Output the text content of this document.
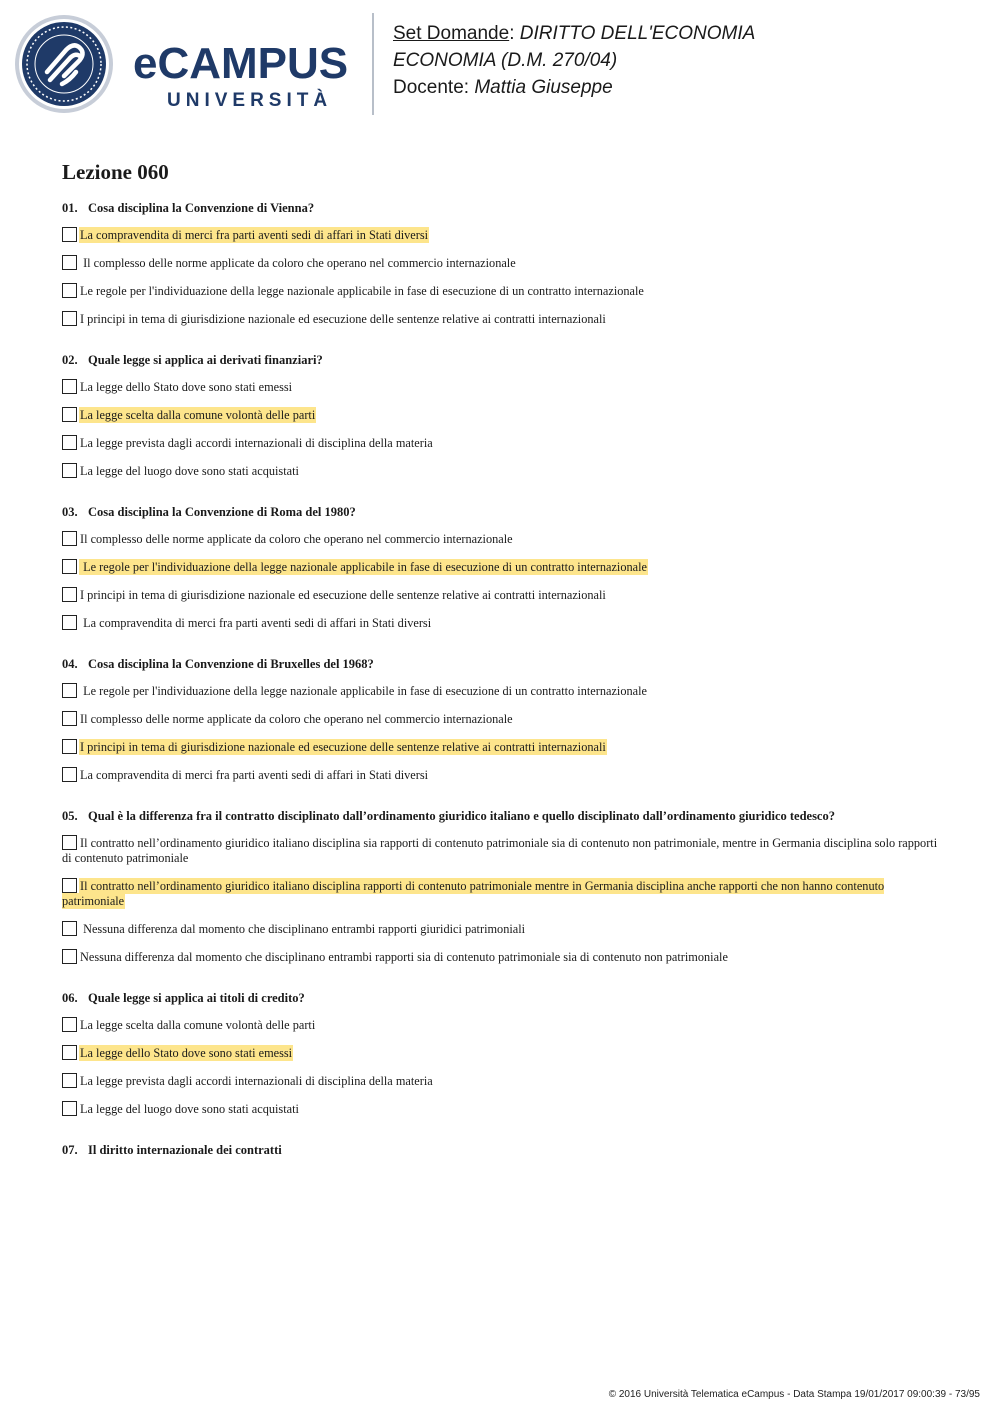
eCAMPUS
UNIVERSITÀ
Set Domande: DIRITTO DELL'ECONOMIA
ECONOMIA (D.M. 270/04)
Docente: Mattia Giuseppe
Lezione 060
01. Cosa disciplina la Convenzione di Vienna?
La compravendita di merci fra parti aventi sedi di affari in Stati diversi
Il complesso delle norme applicate da coloro che operano nel commercio internazionale
Le regole per l'individuazione della legge nazionale applicabile in fase di esecuzione di un contratto internazionale
I principi in tema di giurisdizione nazionale ed esecuzione delle sentenze relative ai contratti internazionali
02. Quale legge si applica ai derivati finanziari?
La legge dello Stato dove sono stati emessi
La legge scelta dalla comune volontà delle parti
La legge prevista dagli accordi internazionali di disciplina della materia
La legge del luogo dove sono stati acquistati
03. Cosa disciplina la Convenzione di Roma del 1980?
Il complesso delle norme applicate da coloro che operano nel commercio internazionale
Le regole per l'individuazione della legge nazionale applicabile in fase di esecuzione di un contratto internazionale
I principi in tema di giurisdizione nazionale ed esecuzione delle sentenze relative ai contratti internazionali
La compravendita di merci fra parti aventi sedi di affari in Stati diversi
04. Cosa disciplina la Convenzione di Bruxelles del 1968?
Le regole per l'individuazione della legge nazionale applicabile in fase di esecuzione di un contratto internazionale
Il complesso delle norme applicate da coloro che operano nel commercio internazionale
I principi in tema di giurisdizione nazionale ed esecuzione delle sentenze relative ai contratti internazionali
La compravendita di merci fra parti aventi sedi di affari in Stati diversi
05. Qual è la differenza fra il contratto disciplinato dall’ordinamento giuridico italiano e quello disciplinato dall’ordinamento giuridico tedesco?
Il contratto nell’ordinamento giuridico italiano disciplina sia rapporti di contenuto patrimoniale sia di contenuto non patrimoniale, mentre in Germania disciplina solo rapporti di contenuto patrimoniale
Il contratto nell’ordinamento giuridico italiano disciplina rapporti di contenuto patrimoniale mentre in Germania disciplina anche rapporti che non hanno contenuto patrimoniale
Nessuna differenza dal momento che disciplinano entrambi rapporti giuridici patrimoniali
Nessuna differenza dal momento che disciplinano entrambi rapporti sia di contenuto patrimoniale sia di contenuto non patrimoniale
06. Quale legge si applica ai titoli di credito?
La legge scelta dalla comune volontà delle parti
La legge dello Stato dove sono stati emessi
La legge prevista dagli accordi internazionali di disciplina della materia
La legge del luogo dove sono stati acquistati
07. Il diritto internazionale dei contratti
© 2016 Università Telematica eCampus - Data Stampa 19/01/2017 09:00:39 - 73/95
